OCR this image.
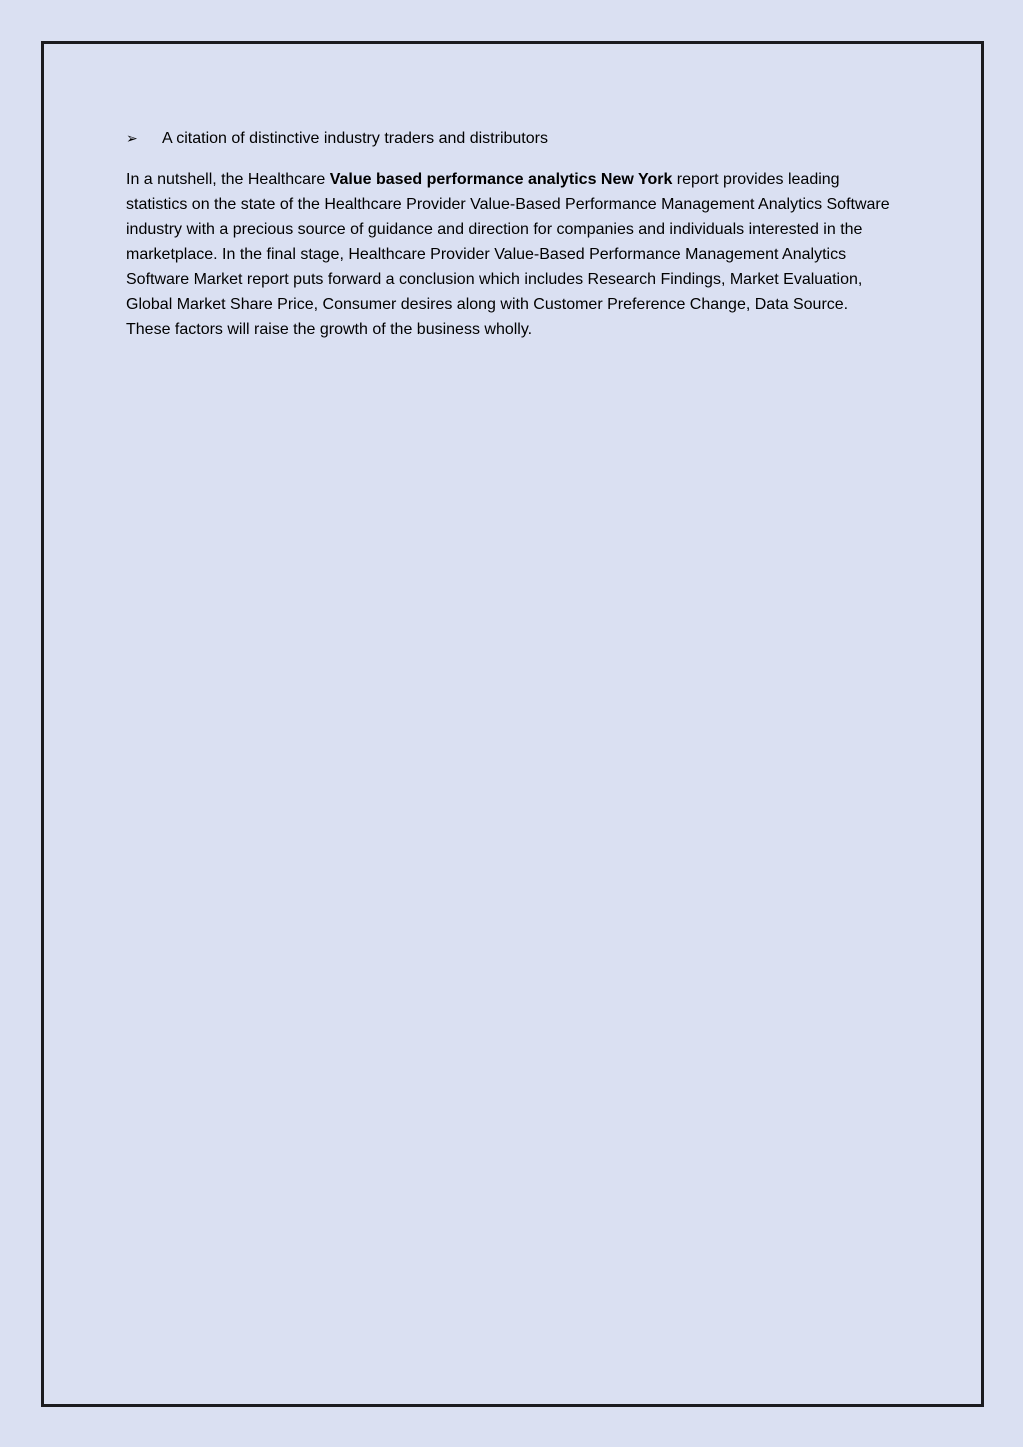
➢	A citation of distinctive industry traders and distributors

In a nutshell, the Healthcare Value based performance analytics New York report provides leading statistics on the state of the Healthcare Provider Value-Based Performance Management Analytics Software industry with a precious source of guidance and direction for companies and individuals interested in the marketplace. In the final stage, Healthcare Provider Value-Based Performance Management Analytics Software Market report puts forward a conclusion which includes Research Findings, Market Evaluation, Global Market Share Price, Consumer desires along with Customer Preference Change, Data Source. These factors will raise the growth of the business wholly.
